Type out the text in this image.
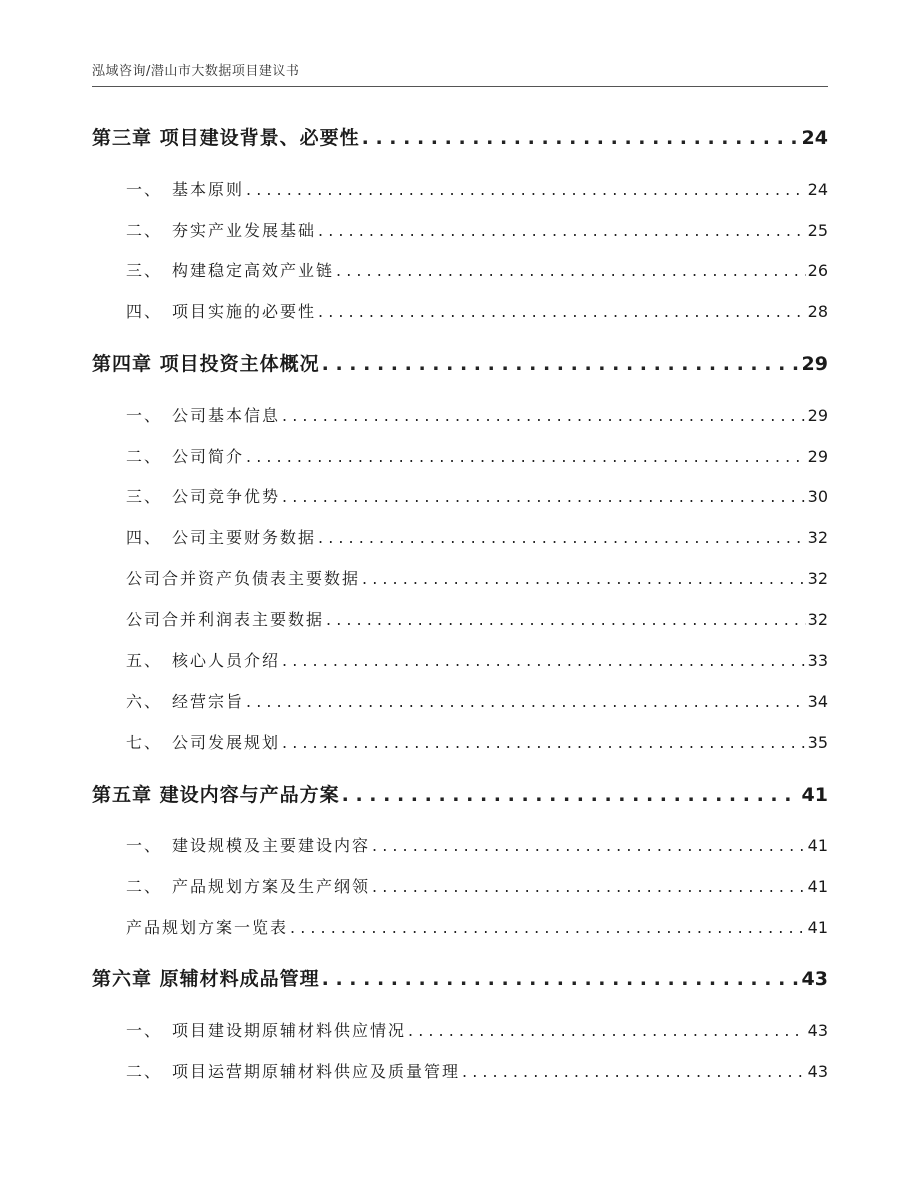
泓域咨询/潜山市大数据项目建议书
第三章 项目建设背景、必要性 . . .	24
一、 基本原则 . . .	24
二、 夯实产业发展基础 . . .	25
三、 构建稳定高效产业链 . . .	26
四、 项目实施的必要性 . . .	28
第四章 项目投资主体概况 . . .	29
一、 公司基本信息 . . .	29
二、 公司简介 . . .	29
三、 公司竞争优势 . . .	30
四、 公司主要财务数据 . . .	32
公司合并资产负债表主要数据 . . .	32
公司合并利润表主要数据 . . .	32
五、 核心人员介绍 . . .	33
六、 经营宗旨 . . .	34
七、 公司发展规划 . . .	35
第五章 建设内容与产品方案 . . .	41
一、 建设规模及主要建设内容 . . .	41
二、 产品规划方案及生产纲领 . . .	41
产品规划方案一览表 . . .	41
第六章 原辅材料成品管理 . . .	43
一、 项目建设期原辅材料供应情况 . . .	43
二、 项目运营期原辅材料供应及质量管理 . . .	43
